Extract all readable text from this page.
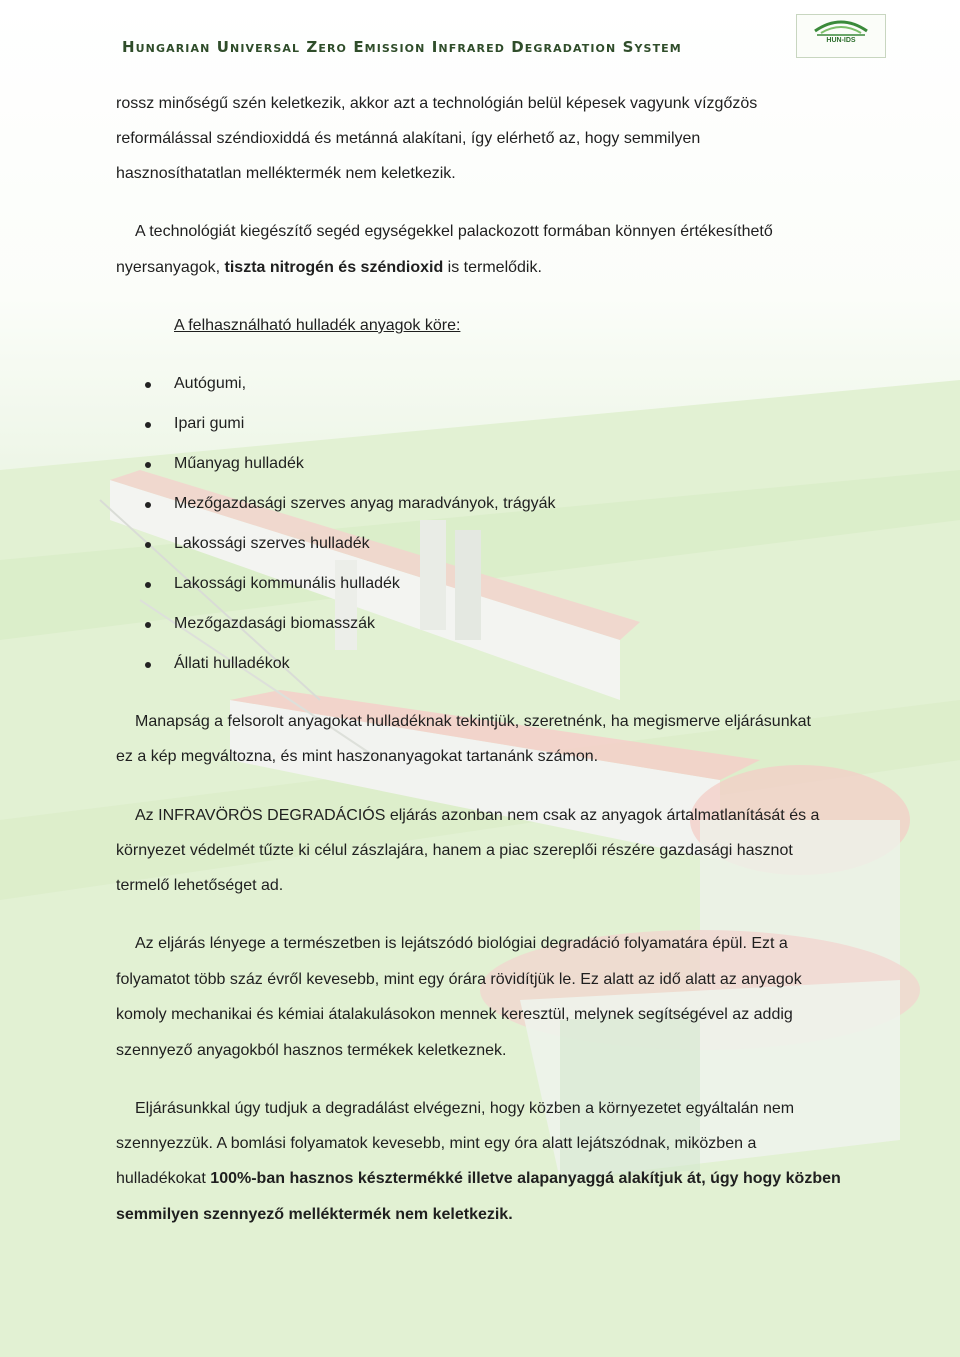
Hungarian Universal Zero Emission Infrared Degradation System	HUN-IDS
rossz minőségű szén keletkezik, akkor azt a technológián belül képesek vagyunk vízgőzös
reformálással széndioxiddá és metánná alakítani, így elérhető az, hogy semmilyen
hasznosíthatatlan melléktermék nem keletkezik.
A technológiát kiegészítő segéd egységekkel palackozott formában könnyen értékesíthető
nyersanyagok, tiszta nitrogén és széndioxid is termelődik.
A felhasználható hulladék anyagok köre:
Autógumi,
Ipari gumi
Műanyag hulladék
Mezőgazdasági szerves anyag maradványok, trágyák
Lakossági szerves hulladék
Lakossági kommunális hulladék
Mezőgazdasági biomasszák
Állati hulladékok
Manapság a felsorolt anyagokat hulladéknak tekintjük, szeretnénk, ha megismerve eljárásunkat
ez a kép megváltozna, és mint haszonanyagokat tartanánk számon.
Az INFRAVÖRÖS DEGRADÁCIÓS eljárás azonban nem csak az anyagok ártalmatlanítását és a
környezet védelmét tűzte ki célul zászlajára, hanem a piac szereplői részére gazdasági hasznot
termelő lehetőséget ad.
Az eljárás lényege a természetben is lejátszódó biológiai degradáció folyamatára épül. Ezt a
folyamatot több száz évről kevesebb, mint egy órára rövidítjük le. Ez alatt az idő alatt az anyagok
komoly mechanikai és kémiai átalakulásokon mennek keresztül, melynek segítségével az addig
szennyező anyagokból hasznos termékek keletkeznek.
Eljárásunkkal úgy tudjuk a degradálást elvégezni, hogy közben a környezetet egyáltalán nem
szennyezzük. A bomlási folyamatok kevesebb, mint egy óra alatt lejátszódnak, miközben a
hulladékokat 100%-ban hasznos késztermékké illetve alapanyaggá alakítjuk át, úgy hogy közben
semmilyen szennyező melléktermék nem keletkezik.
